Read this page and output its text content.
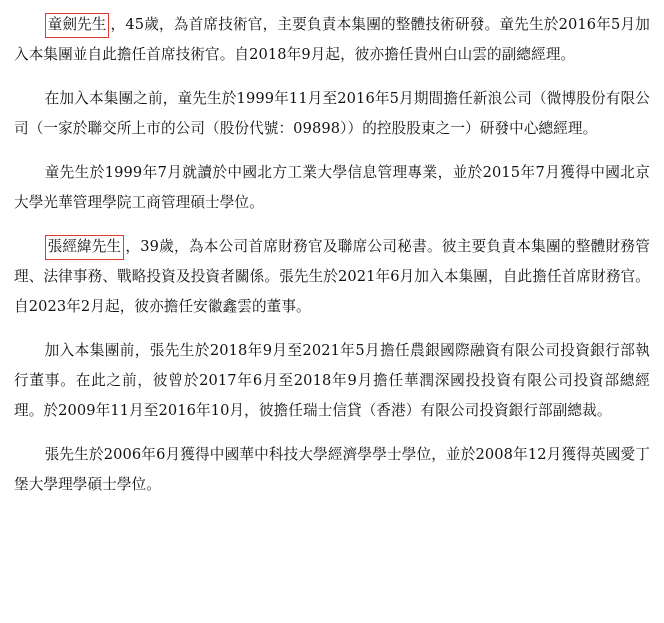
童劍先生 ，45歲，為首席技術官，主要負責本集團的整體技術研發。童先生於2016年5月加入本集團並自此擔任首席技術官。自2018年9月起，彼亦擔任貴州白山雲的副總經理。

在加入本集團之前，童先生於1999年11月至2016年5月期間擔任新浪公司（微博股份有限公司（一家於聯交所上市的公司（股份代號：09898））的控股股東之一）研發中心總經理。

童先生於1999年7月就讀於中國北方工業大學信息管理專業，並於2015年7月獲得中國北京大學光華管理學院工商管理碩士學位。

張經緯先生 ，39歲，為本公司首席財務官及聯席公司秘書。彼主要負責本集團的整體財務管理、法律事務、戰略投資及投資者關係。張先生於2021年6月加入本集團，自此擔任首席財務官。自2023年2月起，彼亦擔任安徽鑫雲的董事。

加入本集團前，張先生於2018年9月至2021年5月擔任農銀國際融資有限公司投資銀行部執行董事。在此之前，彼曾於2017年6月至2018年9月擔任華潤深國投投資有限公司投資部總經理。於2009年11月至2016年10月，彼擔任瑞士信貸（香港）有限公司投資銀行部副總裁。

張先生於2006年6月獲得中國華中科技大學經濟學學士學位，並於2008年12月獲得英國愛丁堡大學理學碩士學位。
